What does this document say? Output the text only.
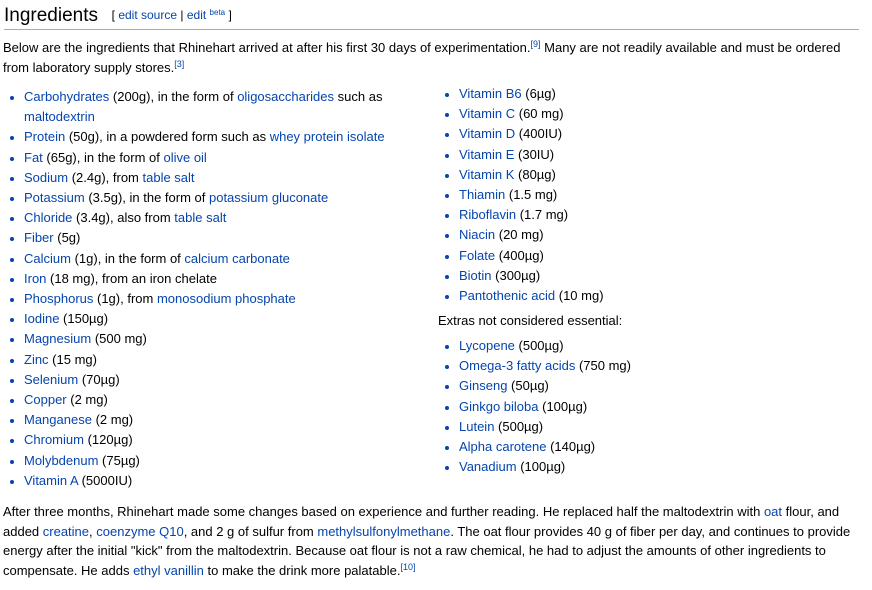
Ingredients [ edit source | edit $^{beta}$ ]

Below are the ingredients that Rhinehart arrived at after his first 30 days of experimentation.[9] Many are not readily available and must be ordered from laboratory supply stores.[3]

Carbohydrates (200g), in the form of oligosaccharides such as maltodextrin
Protein (50g), in a powdered form such as whey protein isolate
Fat (65g), in the form of olive oil
Sodium (2.4g), from table salt
Potassium (3.5g), in the form of potassium gluconate
Chloride (3.4g), also from table salt
Fiber (5g)
Calcium (1g), in the form of calcium carbonate
Iron (18 mg), from an iron chelate
Phosphorus (1g), from monosodium phosphate
Iodine (150µg)
Magnesium (500 mg)
Zinc (15 mg)
Selenium (70µg)
Copper (2 mg)
Manganese (2 mg)
Chromium (120µg)
Molybdenum (75µg)
Vitamin A (5000IU)
Vitamin B6 (6µg)
Vitamin C (60 mg)
Vitamin D (400IU)
Vitamin E (30IU)
Vitamin K (80µg)
Thiamin (1.5 mg)
Riboflavin (1.7 mg)
Niacin (20 mg)
Folate (400µg)
Biotin (300µg)
Pantothenic acid (10 mg)
Extras not considered essential:
Lycopene (500µg)
Omega-3 fatty acids (750 mg)
Ginseng (50µg)
Ginkgo biloba (100µg)
Lutein (500µg)
Alpha carotene (140µg)
Vanadium (100µg)

After three months, Rhinehart made some changes based on experience and further reading. He replaced half the maltodextrin with oat flour, and added creatine, coenzyme Q10, and 2 g of sulfur from methylsulfonylmethane. The oat flour provides 40 g of fiber per day, and continues to provide energy after the initial "kick" from the maltodextrin. Because oat flour is not a raw chemical, he had to adjust the amounts of other ingredients to compensate. He adds ethyl vanillin to make the drink more palatable.[10]
